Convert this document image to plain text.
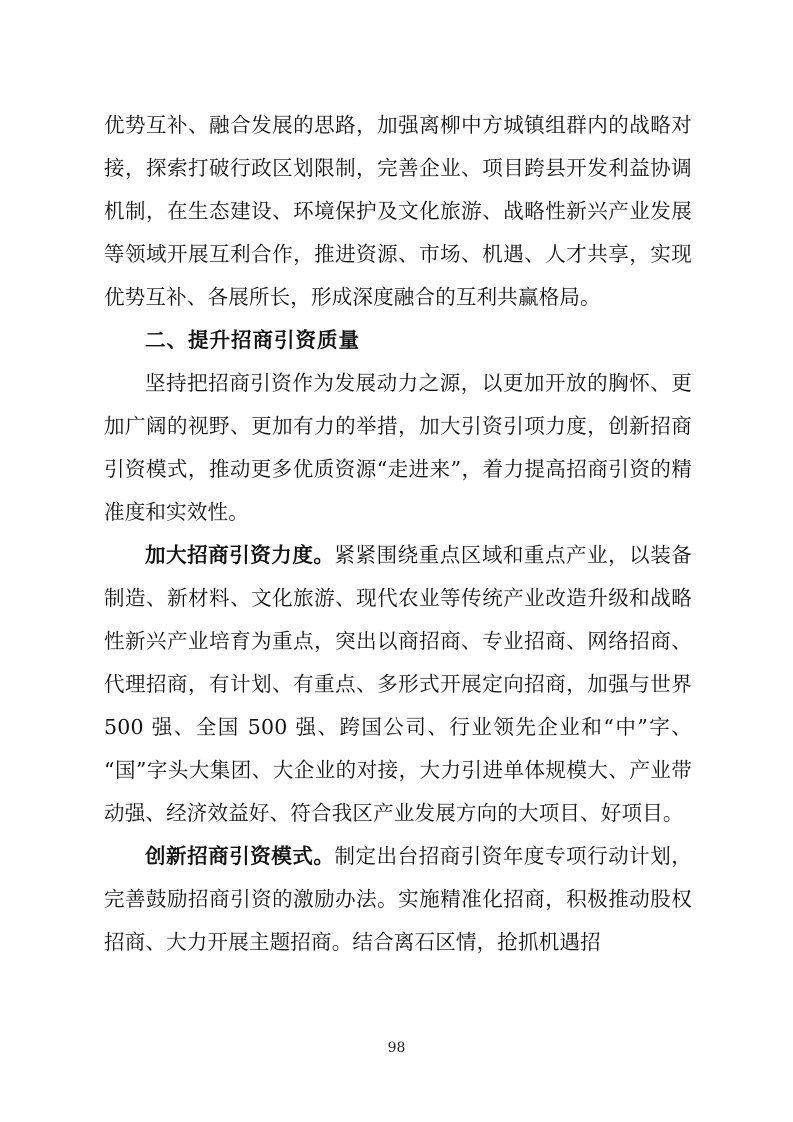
优势互补、融合发展的思路，加强离柳中方城镇组群内的战略对接，探索打破行政区划限制，完善企业、项目跨县开发利益协调机制，在生态建设、环境保护及文化旅游、战略性新兴产业发展等领域开展互利合作，推进资源、市场、机遇、人才共享，实现优势互补、各展所长，形成深度融合的互利共赢格局。

二、提升招商引资质量

坚持把招商引资作为发展动力之源，以更加开放的胸怀、更加广阔的视野、更加有力的举措，加大引资引项力度，创新招商引资模式，推动更多优质资源“走进来”，着力提高招商引资的精准度和实效性。

加大招商引资力度。紧紧围绕重点区域和重点产业，以装备制造、新材料、文化旅游、现代农业等传统产业改造升级和战略性新兴产业培育为重点，突出以商招商、专业招商、网络招商、代理招商，有计划、有重点、多形式开展定向招商，加强与世界 500 强、全国 500 强、跨国公司、行业领先企业和“中”字、“国”字头大集团、大企业的对接，大力引进单体规模大、产业带动强、经济效益好、符合我区产业发展方向的大项目、好项目。

创新招商引资模式。制定出台招商引资年度专项行动计划，完善鼓励招商引资的激励办法。实施精准化招商，积极推动股权招商、大力开展主题招商。结合离石区情，抢抓机遇招

98
